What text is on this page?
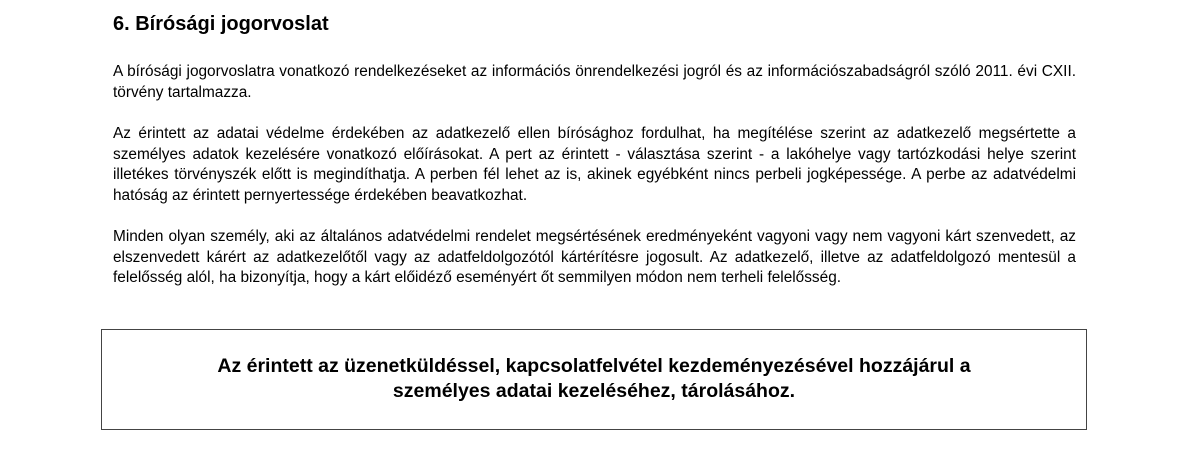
6. Bírósági jogorvoslat

A bírósági jogorvoslatra vonatkozó rendelkezéseket az információs önrendelkezési jogról és az információszabadságról szóló 2011. évi CXII. törvény tartalmazza.

Az érintett az adatai védelme érdekében az adatkezelő ellen bírósághoz fordulhat, ha megítélése szerint az adatkezelő megsértette a személyes adatok kezelésére vonatkozó előírásokat. A pert az érintett - választása szerint - a lakóhelye vagy tartózkodási helye szerint illetékes törvényszék előtt is megindíthatja. A perben fél lehet az is, akinek egyébként nincs perbeli jogképessége. A perbe az adatvédelmi hatóság az érintett pernyertessége érdekében beavatkozhat.

Minden olyan személy, aki az általános adatvédelmi rendelet megsértésének eredményeként vagyoni vagy nem vagyoni kárt szenvedett, az elszenvedett kárért az adatkezelőtől vagy az adatfeldolgozótól kártérítésre jogosult. Az adatkezelő, illetve az adatfeldolgozó mentesül a felelősség alól, ha bizonyítja, hogy a kárt előidéző eseményért őt semmilyen módon nem terheli felelősség.

Az érintett az üzenetküldéssel, kapcsolatfelvétel kezdeményezésével hozzájárul a
személyes adatai kezeléséhez, tárolásához.
